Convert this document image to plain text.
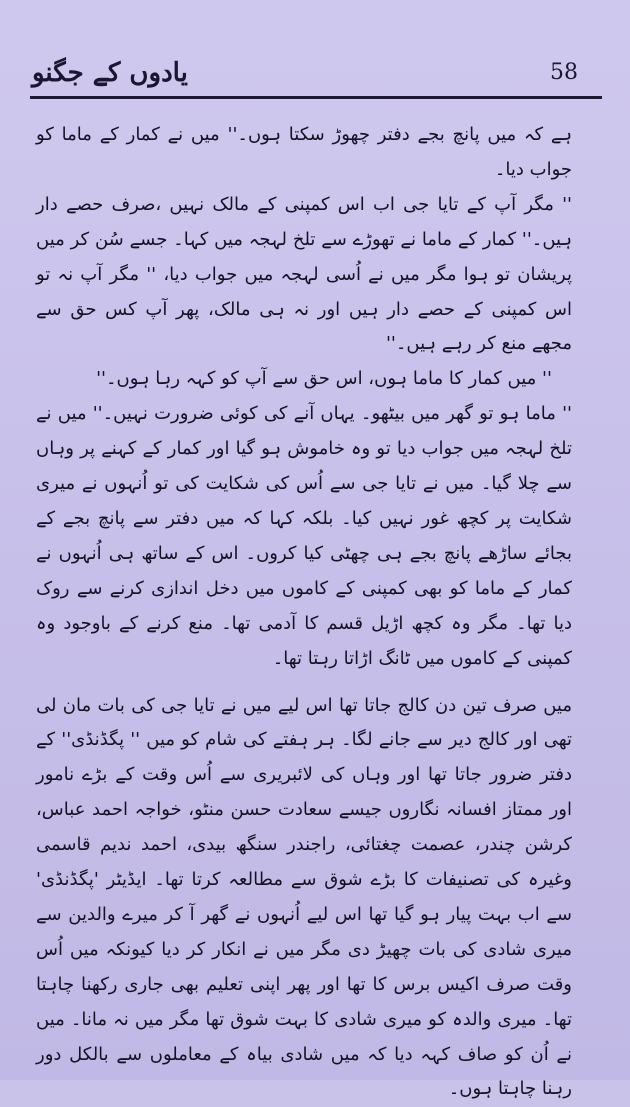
یادوں کے جگنو	58

ہے کہ میں پانچ بجے دفتر چھوڑ سکتا ہوں۔'' میں نے کمار کے ماما کو جواب دیا۔

'' مگر آپ کے تایا جی اب اس کمپنی کے مالک نہیں ،صرف حصے دار ہیں۔'' کمار کے ماما نے تھوڑے سے تلخ لہجہ میں کہا۔ جسے سُن کر میں پریشان تو ہوا مگر میں نے اُسی لہجہ میں جواب دیا، '' مگر آپ نہ تو اس کمپنی کے حصے دار ہیں اور نہ ہی مالک، پھر آپ کس حق سے مجھے منع کر رہے ہیں۔''

'' میں کمار کا ماما ہوں، اس حق سے آپ کو کہہ رہا ہوں۔''

'' ماما ہو تو گھر میں بیٹھو۔ یہاں آنے کی کوئی ضرورت نہیں۔'' میں نے تلخ لہجہ میں جواب دیا تو وہ خاموش ہو گیا اور کمار کے کہنے پر وہاں سے چلا گیا۔ میں نے تایا جی سے اُس کی شکایت کی تو اُنہوں نے میری شکایت پر کچھ غور نہیں کیا۔ بلکہ کہا کہ میں دفتر سے پانچ بجے کے بجائے ساڑھے پانچ بجے ہی چھٹی کیا کروں۔ اس کے ساتھ ہی اُنہوں نے کمار کے ماما کو بھی کمپنی کے کاموں میں دخل اندازی کرنے سے روک دیا تھا۔ مگر وہ کچھ اڑیل قسم کا آدمی تھا۔ منع کرنے کے باوجود وہ کمپنی کے کاموں میں ٹانگ اڑاتا رہتا تھا۔

میں صرف تین دن کالج جاتا تھا اس لیے میں نے تایا جی کی بات مان لی تھی اور کالج دیر سے جانے لگا۔ ہر ہفتے کی شام کو میں '' پگڈنڈی'' کے دفتر ضرور جاتا تھا اور وہاں کی لائبریری سے اُس وقت کے بڑے نامور اور ممتاز افسانہ نگاروں جیسے سعادت حسن منٹو، خواجہ احمد عباس، کرشن چندر، عصمت چغتائی، راجندر سنگھ بیدی، احمد ندیم قاسمی وغیرہ کی تصنیفات کا بڑے شوق سے مطالعہ کرتا تھا۔ ایڈیٹر 'پگڈنڈی' سے اب بہت پیار ہو گیا تھا اس لیے اُنہوں نے گھر آ کر میرے والدین سے میری شادی کی بات چھیڑ دی مگر میں نے انکار کر دیا کیونکہ میں اُس وقت صرف اکیس برس کا تھا اور پھر اپنی تعلیم بھی جاری رکھنا چاہتا تھا۔ میری والدہ کو میری شادی کا بہت شوق تھا مگر میں نہ مانا۔ میں نے اُن کو صاف کہہ دیا کہ میں شادی بیاہ کے معاملوں سے بالکل دور رہنا چاہتا ہوں۔
